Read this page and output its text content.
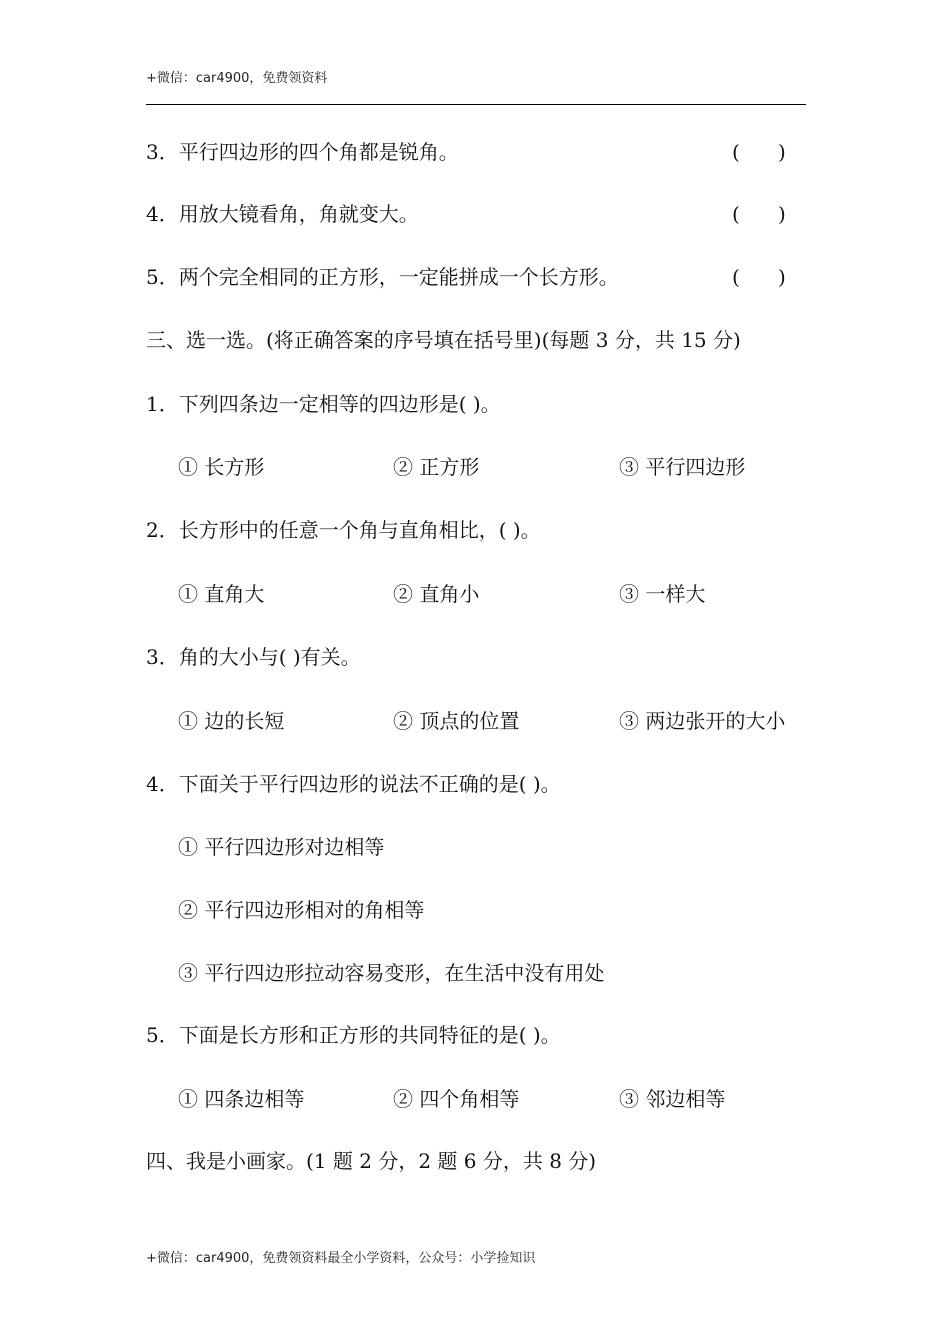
+微信：car4900，免费领资料
3．平行四边形的四个角都是锐角。	(      )
4．用放大镜看角，角就变大。	(      )
5．两个完全相同的正方形，一定能拼成一个长方形。	(      )
三、选一选。(将正确答案的序号填在括号里)(每题 3 分，共 15 分)
1．下列四条边一定相等的四边形是( )。
① 长方形	② 正方形	③ 平行四边形
2．长方形中的任意一个角与直角相比，( )。
① 直角大	② 直角小	③ 一样大
3．角的大小与( )有关。
① 边的长短	② 顶点的位置	③ 两边张开的大小
4．下面关于平行四边形的说法不正确的是( )。
① 平行四边形对边相等
② 平行四边形相对的角相等
③ 平行四边形拉动容易变形，在生活中没有用处
5．下面是长方形和正方形的共同特征的是( )。
① 四条边相等	② 四个角相等	③ 邻边相等
四、我是小画家。(1 题 2 分，2 题 6 分，共 8 分)
+微信：car4900，免费领资料最全小学资料，公众号：小学捡知识
